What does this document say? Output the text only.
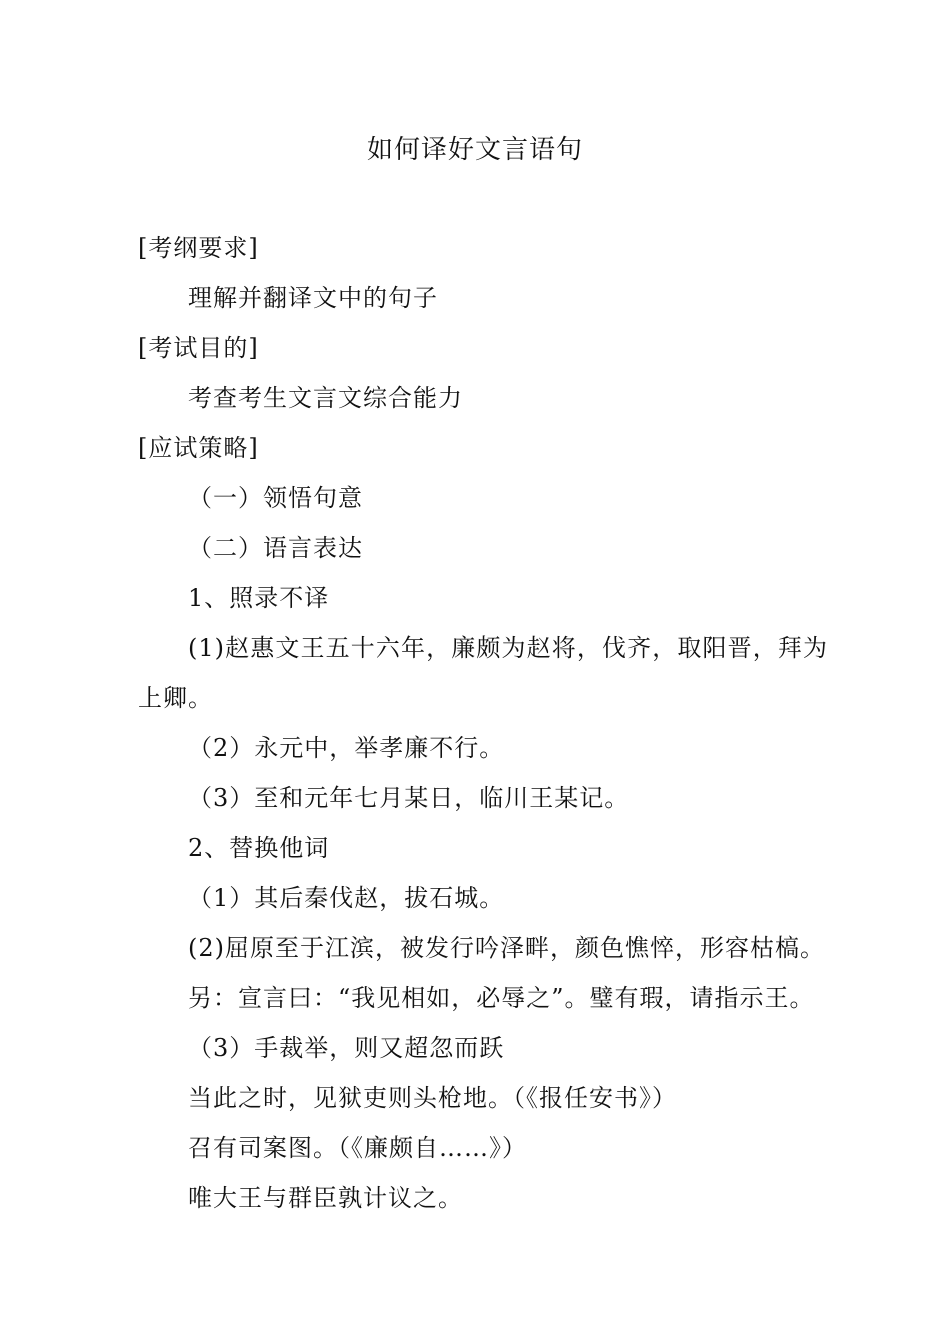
如何译好文言语句
[考纲要求]
理解并翻译文中的句子
[考试目的]
考查考生文言文综合能力
[应试策略]
（一）领悟句意
（二）语言表达
1、照录不译
(1)赵惠文王五十六年，廉颇为赵将，伐齐，取阳晋，拜为上卿。
（2）永元中，举孝廉不行。
（3）至和元年七月某日，临川王某记。
2、替换他词
（1）其后秦伐赵，拔石城。
(2)屈原至于江滨，被发行吟泽畔，颜色憔悴，形容枯槁。
另：宣言曰：“我见相如，必辱之”。璧有瑕，请指示王。
（3）手裁举，则又超忽而跃
当此之时，见狱吏则头枪地。（《报任安书》）
召有司案图。（《廉颇自……》）
唯大王与群臣孰计议之。
